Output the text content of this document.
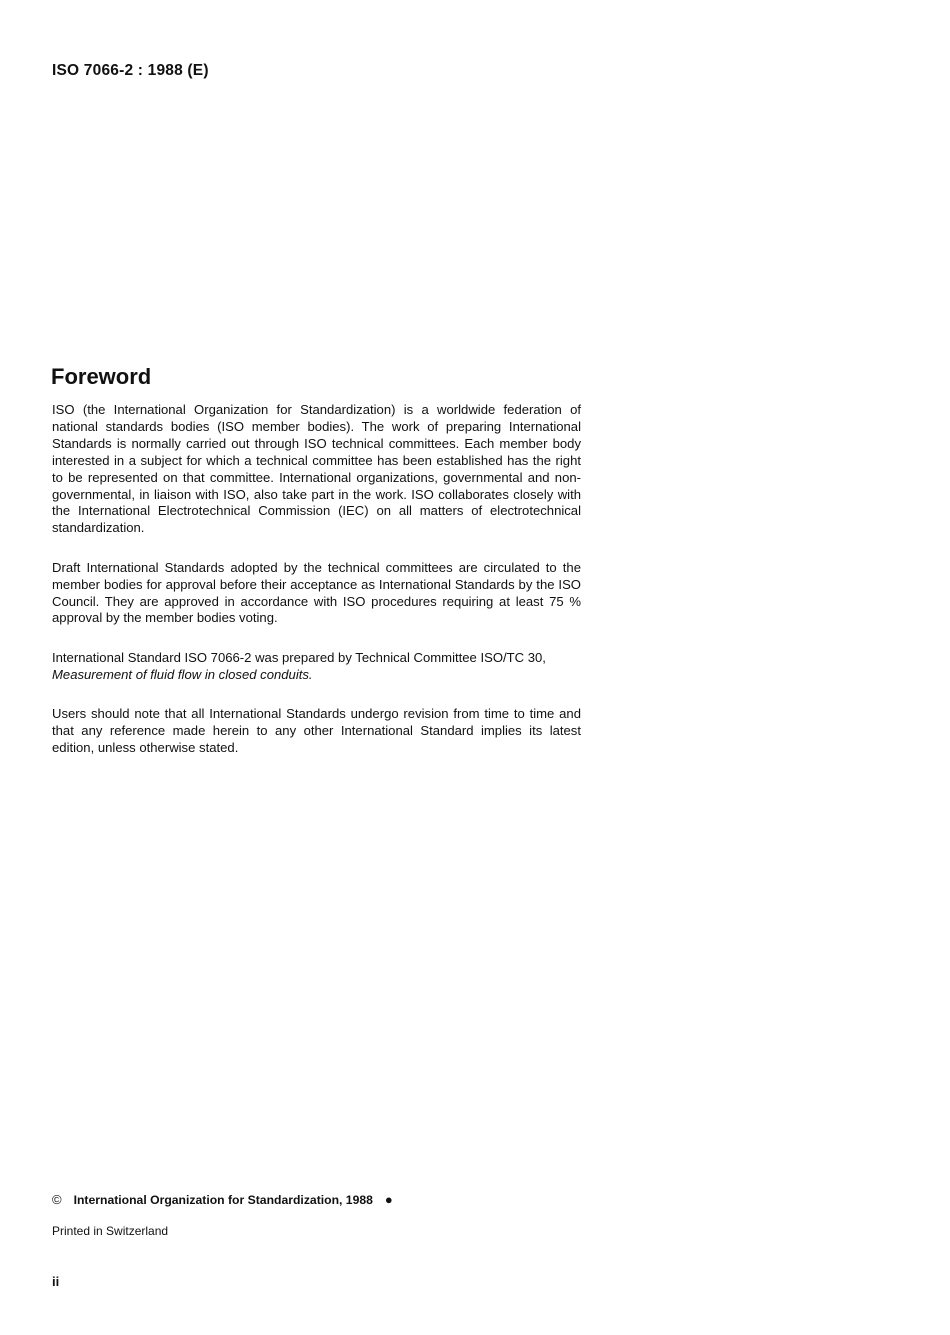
ISO 7066-2 : 1988 (E)
Foreword

ISO (the International Organization for Standardization) is a worldwide federation of national standards bodies (ISO member bodies). The work of preparing International Standards is normally carried out through ISO technical committees. Each member body interested in a subject for which a technical committee has been established has the right to be represented on that committee. International organizations, governmental and non-governmental, in liaison with ISO, also take part in the work. ISO collaborates closely with the International Electrotechnical Commission (IEC) on all matters of electrotechnical standardization.

Draft International Standards adopted by the technical committees are circulated to the member bodies for approval before their acceptance as International Standards by the ISO Council. They are approved in accordance with ISO procedures requiring at least 75 % approval by the member bodies voting.

International Standard ISO 7066-2 was prepared by Technical Committee ISO/TC 30,
Measurement of fluid flow in closed conduits.

Users should note that all International Standards undergo revision from time to time and that any reference made herein to any other International Standard implies its latest edition, unless otherwise stated.

© International Organization for Standardization, 1988 ●
Printed in Switzerland
ii
